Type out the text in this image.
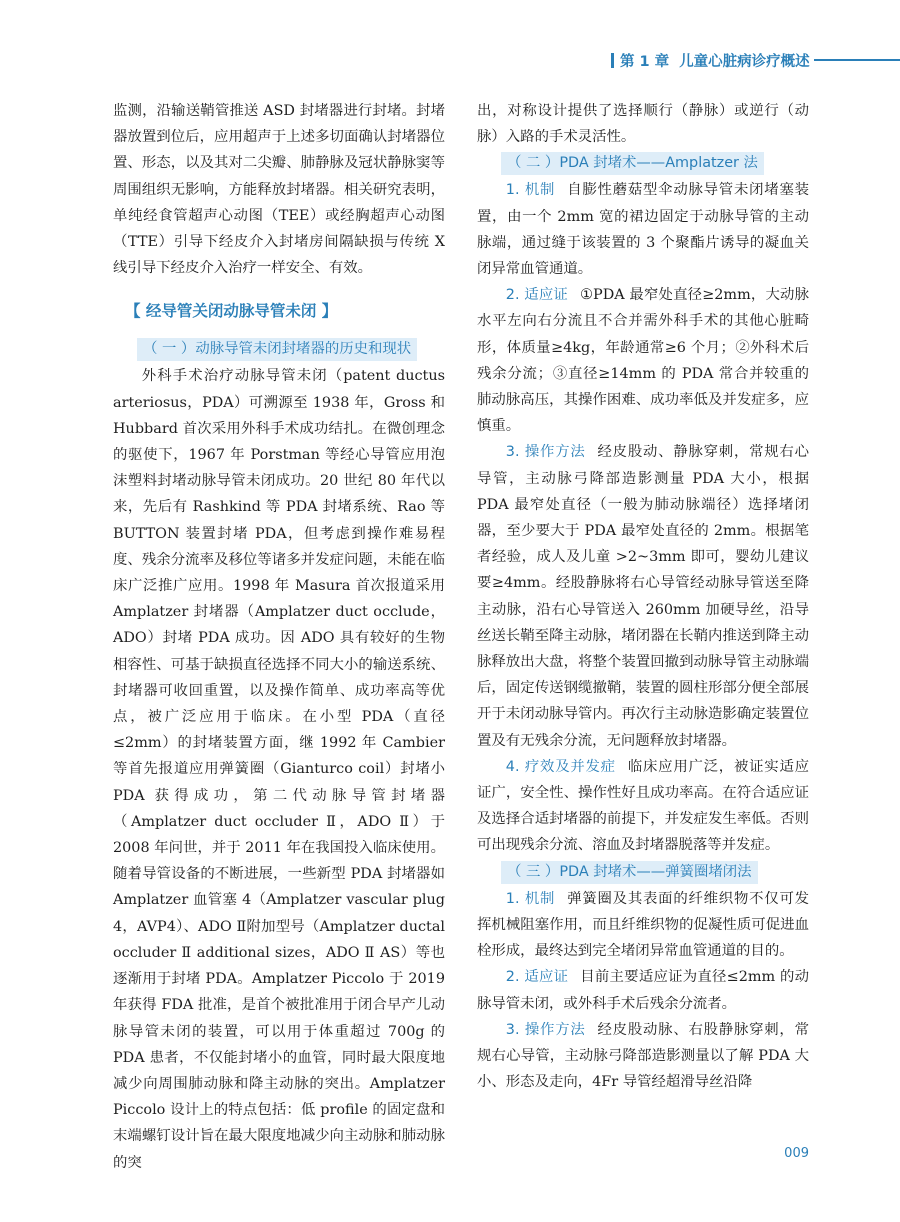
第 1 章 儿童心脏病诊疗概述

监测，沿输送鞘管推送 ASD 封堵器进行封堵。封堵器放置到位后，应用超声于上述多切面确认封堵器位置、形态，以及其对二尖瓣、肺静脉及冠状静脉窦等周围组织无影响，方能释放封堵器。相关研究表明，单纯经食管超声心动图（TEE）或经胸超声心动图（TTE）引导下经皮介入封堵房间隔缺损与传统 X 线引导下经皮介入治疗一样安全、有效。

【 经导管关闭动脉导管未闭 】
（ 一 ）动脉导管未闭封堵器的历史和现状

外科手术治疗动脉导管未闭（patent ductus arteriosus，PDA）可溯源至 1938 年，Gross 和 Hubbard 首次采用外科手术成功结扎。在微创理念的驱使下，1967 年 Porstman 等经心导管应用泡沫塑料封堵动脉导管未闭成功。20 世纪 80 年代以来，先后有 Rashkind 等 PDA 封堵系统、Rao 等 BUTTON 装置封堵 PDA，但考虑到操作难易程度、残余分流率及移位等诸多并发症问题，未能在临床广泛推广应用。1998 年 Masura 首次报道采用 Amplatzer 封堵器（Amplatzer duct occlude，ADO）封堵 PDA 成功。因 ADO 具有较好的生物相容性、可基于缺损直径选择不同大小的输送系统、封堵器可收回重置，以及操作简单、成功率高等优点，被广泛应用于临床。在小型 PDA（直径≤2mm）的封堵装置方面，继 1992 年 Cambier 等首先报道应用弹簧圈（Gianturco coil）封堵小 PDA 获得成功，第二代动脉导管封堵器（Amplatzer duct occluder Ⅱ，ADO Ⅱ）于 2008 年问世，并于 2011 年在我国投入临床使用。随着导管设备的不断进展，一些新型 PDA 封堵器如 Amplatzer 血管塞 4（Amplatzer vascular plug 4，AVP4）、ADO Ⅱ附加型号（Amplatzer ductal occluder Ⅱ additional sizes，ADO Ⅱ AS）等也逐渐用于封堵 PDA。Amplatzer Piccolo 于 2019 年获得 FDA 批准，是首个被批准用于闭合早产儿动脉导管未闭的装置，可以用于体重超过 700g 的 PDA 患者，不仅能封堵小的血管，同时最大限度地减少向周围肺动脉和降主动脉的突出。Amplatzer Piccolo 设计上的特点包括：低 profile 的固定盘和末端螺钉设计旨在最大限度地减少向主动脉和肺动脉的突

出，对称设计提供了选择顺行（静脉）或逆行（动脉）入路的手术灵活性。

（ 二 ）PDA 封堵术——Amplatzer 法

1. 机制 自膨性蘑菇型伞动脉导管未闭堵塞装置，由一个 2mm 宽的裙边固定于动脉导管的主动脉端，通过缝于该装置的 3 个聚酯片诱导的凝血关闭异常血管通道。

2. 适应证 ①PDA 最窄处直径≥2mm，大动脉水平左向右分流且不合并需外科手术的其他心脏畸形，体质量≥4kg，年龄通常≥6 个月；②外科术后残余分流；③直径≥14mm 的 PDA 常合并较重的肺动脉高压，其操作困难、成功率低及并发症多，应慎重。

3. 操作方法 经皮股动、静脉穿刺，常规右心导管，主动脉弓降部造影测量 PDA 大小，根据 PDA 最窄处直径（一般为肺动脉端径）选择堵闭器，至少要大于 PDA 最窄处直径的 2mm。根据笔者经验，成人及儿童 >2~3mm 即可，婴幼儿建议要≥4mm。经股静脉将右心导管经动脉导管送至降主动脉，沿右心导管送入 260mm 加硬导丝，沿导丝送长鞘至降主动脉，堵闭器在长鞘内推送到降主动脉释放出大盘，将整个装置回撤到动脉导管主动脉端后，固定传送钢缆撤鞘，装置的圆柱形部分便全部展开于未闭动脉导管内。再次行主动脉造影确定装置位置及有无残余分流，无问题释放封堵器。

4. 疗效及并发症 临床应用广泛，被证实适应证广，安全性、操作性好且成功率高。在符合适应证及选择合适封堵器的前提下，并发症发生率低。否则可出现残余分流、溶血及封堵器脱落等并发症。

（ 三 ）PDA 封堵术——弹簧圈堵闭法

1. 机制 弹簧圈及其表面的纤维织物不仅可发挥机械阻塞作用，而且纤维织物的促凝性质可促进血栓形成，最终达到完全堵闭异常血管通道的目的。

2. 适应证 目前主要适应证为直径≤2mm 的动脉导管未闭，或外科手术后残余分流者。

3. 操作方法 经皮股动脉、右股静脉穿刺，常规右心导管，主动脉弓降部造影测量以了解 PDA 大小、形态及走向，4Fr 导管经超滑导丝沿降

009
